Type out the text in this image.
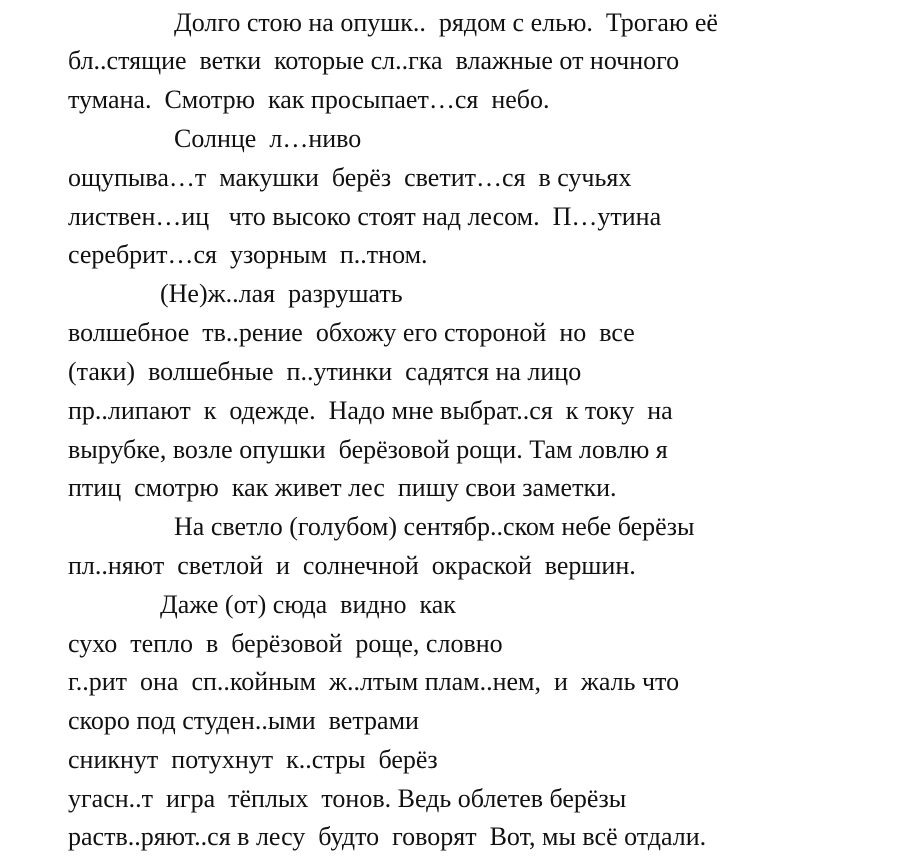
Долго стою на опушк..  рядом с елью.  Трогаю её
бл..стящие  ветки  которые сл..гка  влажные от ночного
тумана.  Смотрю  как просыпает…ся  небо.
Солнце  л…ниво
ощупыва…т  макушки  берёз  светит…ся  в сучьях
листвен…иц   что высоко стоят над лесом.  П…утина
серебрит…ся  узорным  п..тном.
(Не)ж..лая  разрушать
волшебное  тв..рение  обхожу его стороной  но  все
(таки)  волшебные  п..утинки  садятся на лицо
пр..липают  к  одежде.  Надо мне выбрат..ся  к току  на
вырубке, возле опушки  берёзовой рощи. Там ловлю я
птиц  смотрю  как живет лес  пишу свои заметки.
На светло (голубом) сентябр..ском небе берёзы
пл..няют  светлой  и  солнечной  окраской  вершин.
Даже (от) сюда  видно  как
сухо  тепло  в  берёзовой  роще, словно
г..рит  она  сп..койным  ж..лтым плам..нем,  и  жаль что
скоро под студен..ыми  ветрами
сникнут  потухнут  к..стры  берёз
угасн..т  игра  тёплых  тонов. Ведь облетев берёзы
раств..ряют..ся в лесу  будто  говорят  Вот, мы всё отдали.
